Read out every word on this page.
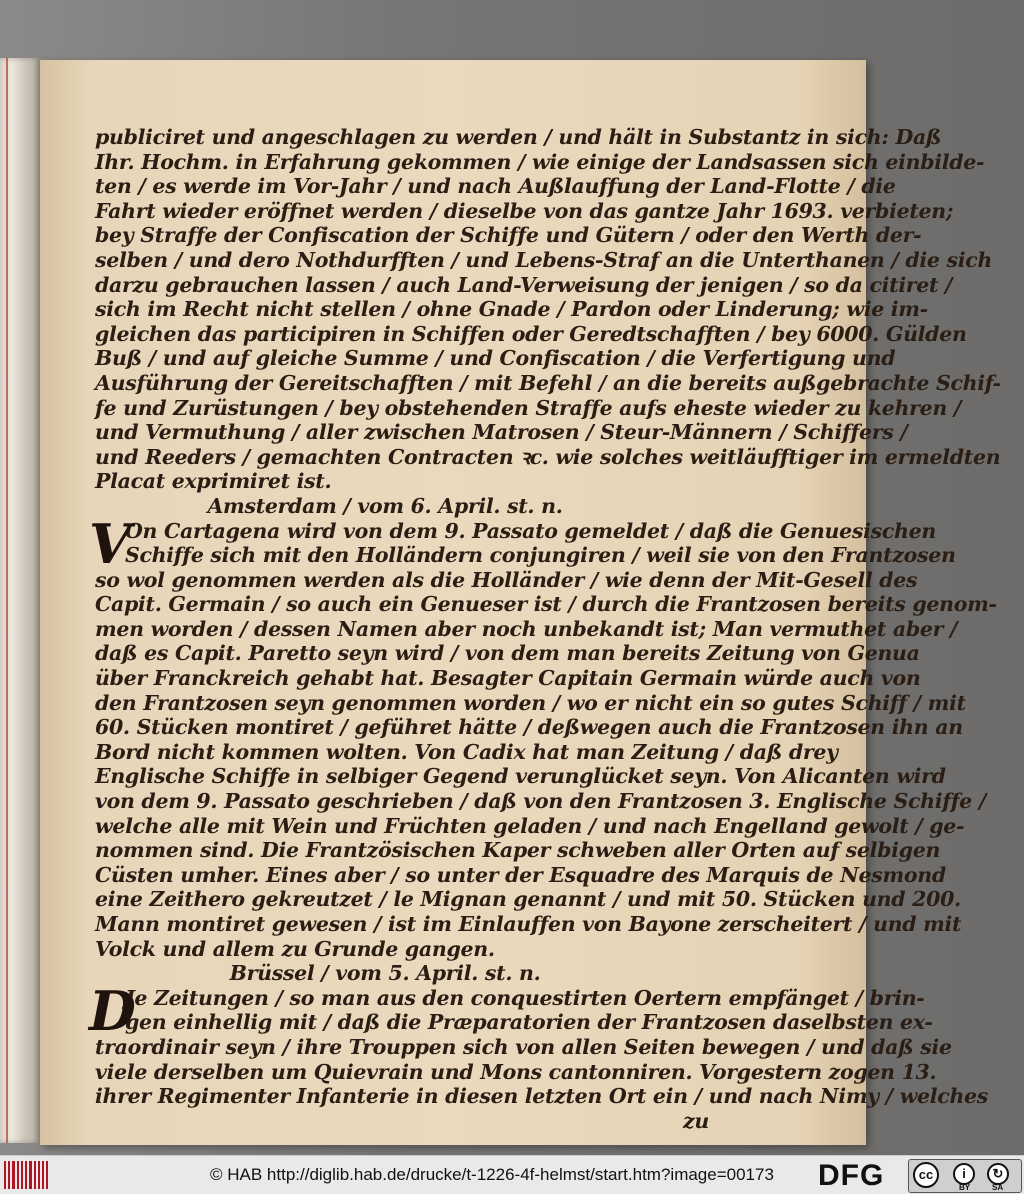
publiciret und angeschlagen zu werden / und hält in Substantz in sich: Daß
Ihr. Hochm. in Erfahrung gekommen / wie einige der Landsassen sich einbilde-
ten / es werde im Vor-Jahr / und nach Außlauffung der Land-Flotte / die
Fahrt wieder eröffnet werden / dieselbe von das gantze Jahr 1693. verbieten;
bey Straffe der Confiscation der Schiffe und Gütern / oder den Werth der-
selben / und dero Nothdurfften / und Lebens-Straf an die Unterthanen / die sich
darzu gebrauchen lassen / auch Land-Verweisung der jenigen / so da citiret /
sich im Recht nicht stellen / ohne Gnade / Pardon oder Linderung; wie im-
gleichen das participiren in Schiffen oder Geredtschafften / bey 6000. Gülden
Buß / und auf gleiche Summe / und Confiscation / die Verfertigung und
Ausführung der Gereitschafften / mit Befehl / an die bereits außgebrachte Schif-
fe und Zurüstungen / bey obstehenden Straffe aufs eheste wieder zu kehren /
und Vermuthung / aller zwischen Matrosen / Steur-Männern / Schiffers /
und Reeders / gemachten Contracten ꝛc. wie solches weitläufftiger im ermeldten
Placat exprimiret ist.
Amsterdam / vom 6. April. st. n.
V
On Cartagena wird von dem 9. Passato gemeldet / daß die Genuesischen
Schiffe sich mit den Holländern conjungiren / weil sie von den Frantzosen
so wol genommen werden als die Holländer / wie denn der Mit-Gesell des
Capit. Germain / so auch ein Genueser ist / durch die Frantzosen bereits genom-
men worden / dessen Namen aber noch unbekandt ist; Man vermuthet aber /
daß es Capit. Paretto seyn wird / von dem man bereits Zeitung von Genua
über Franckreich gehabt hat. Besagter Capitain Germain würde auch von
den Frantzosen seyn genommen worden / wo er nicht ein so gutes Schiff / mit
60. Stücken montiret / geführet hätte / deßwegen auch die Frantzosen ihn an
Bord nicht kommen wolten. Von Cadix hat man Zeitung / daß drey
Englische Schiffe in selbiger Gegend verunglücket seyn. Von Alicanten wird
von dem 9. Passato geschrieben / daß von den Frantzosen 3. Englische Schiffe /
welche alle mit Wein und Früchten geladen / und nach Engelland gewolt / ge-
nommen sind. Die Frantzösischen Kaper schweben aller Orten auf selbigen
Cüsten umher. Eines aber / so unter der Esquadre des Marquis de Nesmond
eine Zeithero gekreutzet / le Mignan genannt / und mit 50. Stücken und 200.
Mann montiret gewesen / ist im Einlauffen von Bayone zerscheitert / und mit
Volck und allem zu Grunde gangen.
Brüssel / vom 5. April. st. n.
D
Je Zeitungen / so man aus den conquestirten Oertern empfänget / brin-
gen einhellig mit / daß die Præparatorien der Frantzosen daselbsten ex-
traordinair seyn / ihre Trouppen sich von allen Seiten bewegen / und daß sie
viele derselben um Quievrain und Mons cantonniren. Vorgestern zogen 13.
ihrer Regimenter Infanterie in diesen letzten Ort ein / und nach Nimy / welches
zu
© HAB http://diglib.hab.de/drucke/t-1226-4f-helmst/start.htm?image=00173 DFG	cc	i	↻
BY	SA
